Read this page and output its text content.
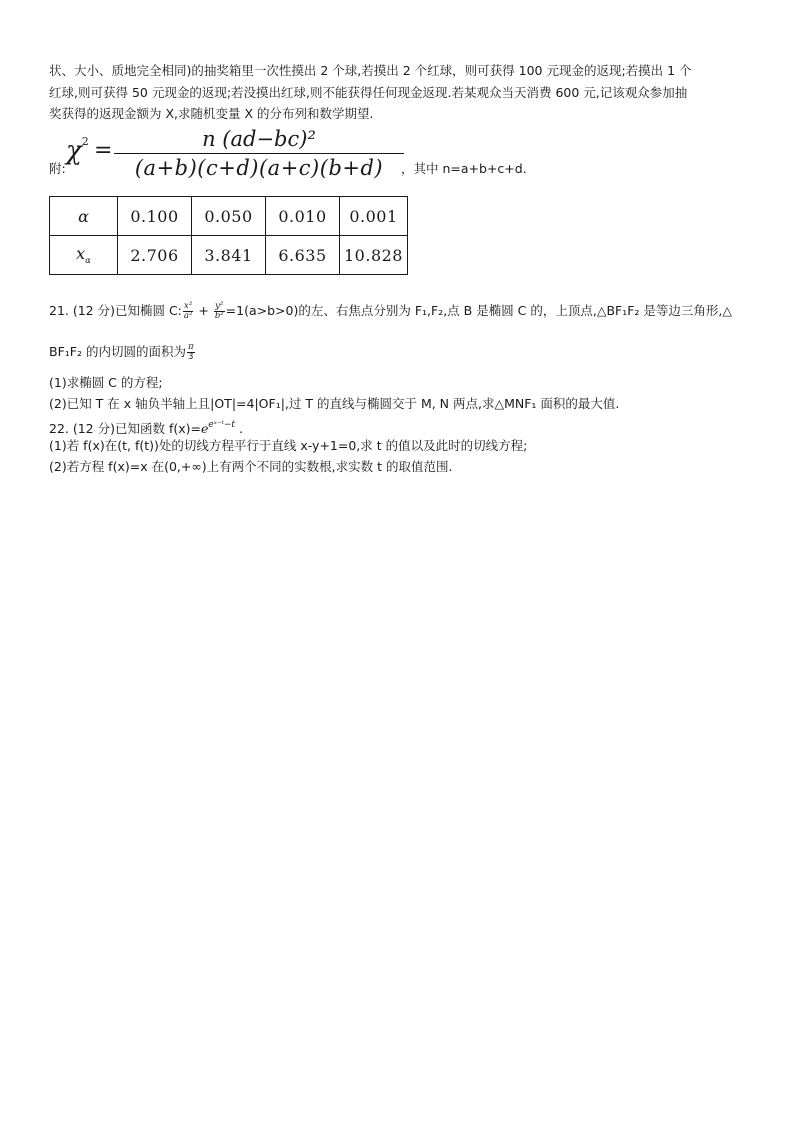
状、大小、质地完全相同)的抽奖箱里一次性摸出 2 个球,若摸出 2 个红球，则可获得 100 元现金的返现;若摸出 1 个
红球,则可获得 50 元现金的返现;若没摸出红球,则不能获得任何现金返现.若某观众当天消费 600 元,记该观众参加抽
奖获得的返现金额为 X,求随机变量 X 的分布列和数学期望.
附:
$\chi^2$ =	n (ad−bc)²
(a+b)(c+d)(a+c)(b+d)	，其中 n=a+b+c+d.
α	0.100	0.050	0.010	0.001
$x_\alpha$	2.706	3.841	6.635	10.828
21. (12 分)已知椭圆 C: $\frac{\text{x²}}{\text{a²}} + \frac{\text{y²}}{\text{b²}} =1(a>b>0)$的左、右焦点分别为 F₁,F₂,点 B 是椭圆 C 的，上顶点,△BF₁F₂ 是等边三角形,△
BF₁F₂ 的内切圆的面积为 $\frac{\pi}{3}$
(1)求椭圆 C 的方程;
(2)已知 T 在 x 轴负半轴上且|OT|=4|OF₁|,过 T 的直线与椭圆交于 M, N 两点,求△MNF₁ 面积的最大值.
22. (12 分)已知函数 $f(x)=e^{eˣ^-ᵗ-t}$ .
(1)若 f(x)在(t, f(t))处的切线方程平行于直线 x-y+1=0,求 t 的值以及此时的切线方程;
(2)若方程 f(x)=x 在(0,+∞)上有两个不同的实数根,求实数 t 的取值范围.
